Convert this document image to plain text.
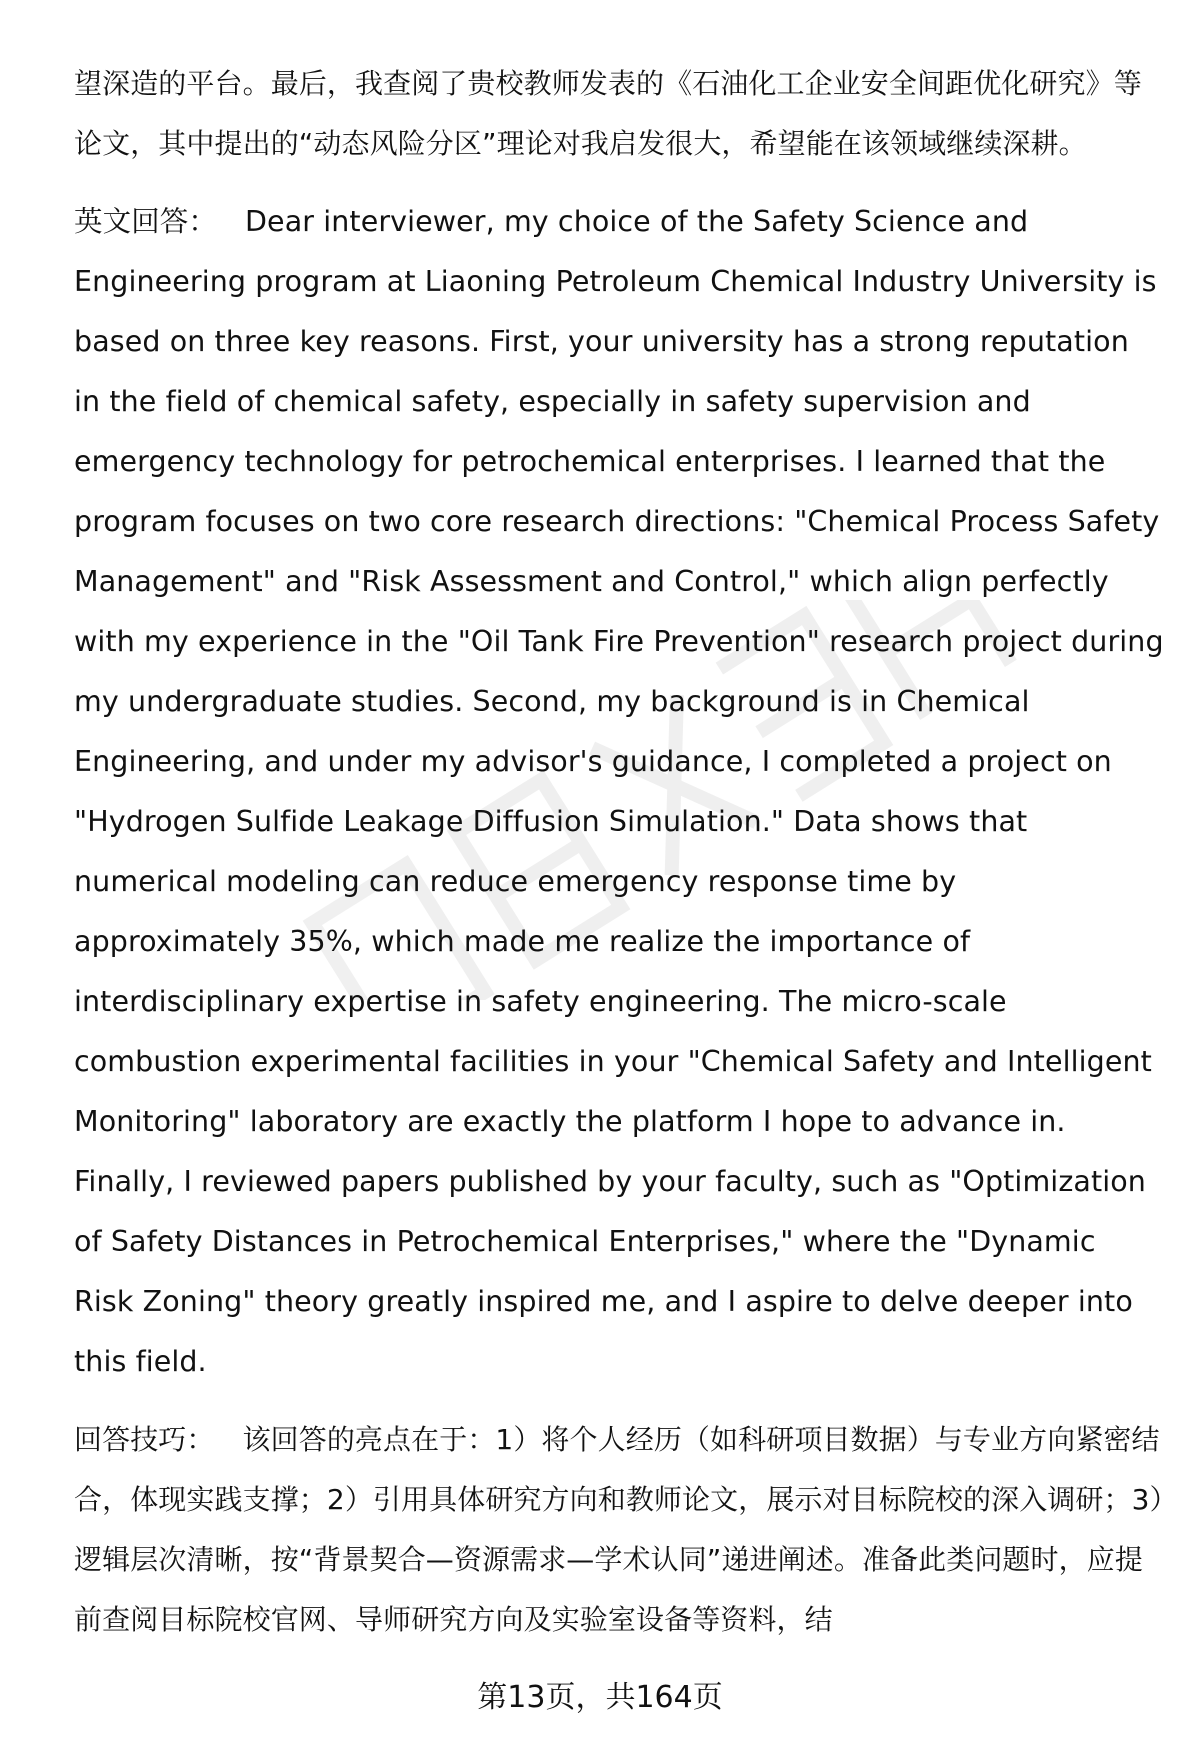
望深造的平台。最后，我查阅了贵校教师发表的《石油化工企业安全间距优化研究》等论文，其中提出的“动态风险分区”理论对我启发很大，希望能在该领域继续深耕。

英文回答： Dear interviewer, my choice of the Safety Science and Engineering program at Liaoning Petroleum Chemical Industry University is based on three key reasons. First, your university has a strong reputation in the field of chemical safety, especially in safety supervision and emergency technology for petrochemical enterprises. I learned that the program focuses on two core research directions: "Chemical Process Safety Management" and "Risk Assessment and Control," which align perfectly with my experience in the "Oil Tank Fire Prevention" research project during my undergraduate studies. Second, my background is in Chemical Engineering, and under my advisor's guidance, I completed a project on "Hydrogen Sulfide Leakage Diffusion Simulation." Data shows that numerical modeling can reduce emergency response time by approximately 35%, which made me realize the importance of interdisciplinary expertise in safety engineering. The micro-scale combustion experimental facilities in your "Chemical Safety and Intelligent Monitoring" laboratory are exactly the platform I hope to advance in. Finally, I reviewed papers published by your faculty, such as "Optimization of Safety Distances in Petrochemical Enterprises," where the "Dynamic Risk Zoning" theory greatly inspired me, and I aspire to delve deeper into this field.

回答技巧： 该回答的亮点在于：1）将个人经历（如科研项目数据）与专业方向紧密结合，体现实践支撑；2）引用具体研究方向和教师论文，展示对目标院校的深入调研；3）逻辑层次清晰，按“背景契合—资源需求—学术认同”递进阐述。准备此类问题时，应提前查阅目标院校官网、导师研究方向及实验室设备等资料，结

第13页，共164页
